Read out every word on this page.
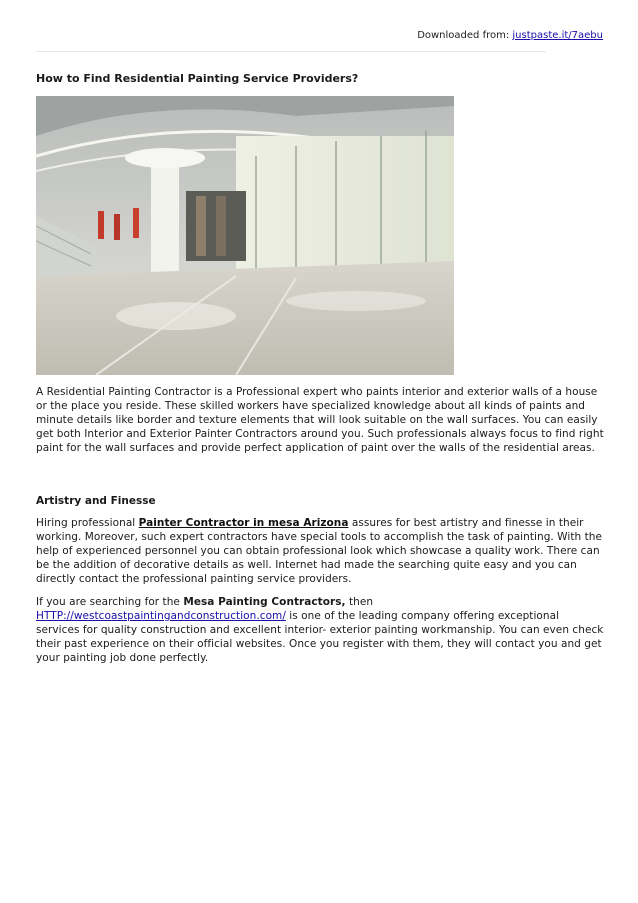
Downloaded from: justpaste.it/7aebu
How to Find Residential Painting Service Providers?

A Residential Painting Contractor is a Professional expert who paints interior and exterior walls of a house or the place you reside. These skilled workers have specialized knowledge about all kinds of paints and minute details like border and texture elements that will look suitable on the wall surfaces. You can easily get both Interior and Exterior Painter Contractors around you. Such professionals always focus to find right paint for the wall surfaces and provide perfect application of paint over the walls of the residential areas.

Artistry and Finesse

Hiring professional Painter Contractor in mesa Arizona assures for best artistry and finesse in their working. Moreover, such expert contractors have special tools to accomplish the task of painting. With the help of experienced personnel you can obtain professional look which showcase a quality work. There can be the addition of decorative details as well. Internet had made the searching quite easy and you can directly contact the professional painting service providers.

If you are searching for the Mesa Painting Contractors, then HTTP://westcoastpaintingandconstruction.com/ is one of the leading company offering exceptional services for quality construction and excellent interior- exterior painting workmanship. You can even check their past experience on their official websites. Once you register with them, they will contact you and get your painting job done perfectly.
